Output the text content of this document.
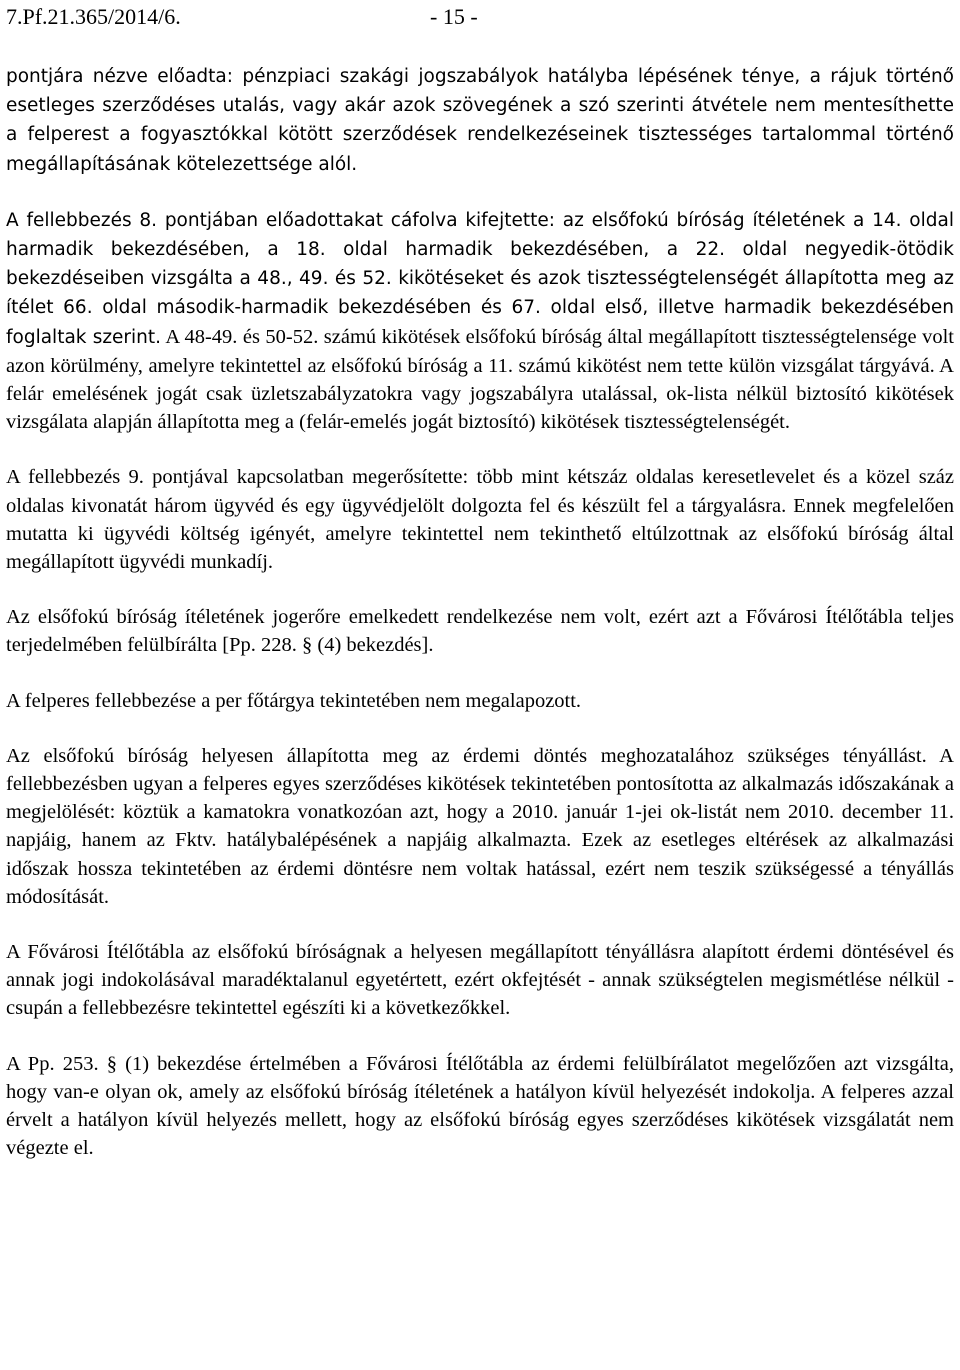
7.Pf.21.365/2014/6.	- 15 -

pontjára nézve előadta: pénzpiaci szakági jogszabályok hatályba lépésének ténye, a rájuk történő esetleges szerződéses utalás, vagy akár azok szövegének a szó szerinti átvétele nem mentesíthette a felperest a fogyasztókkal kötött szerződések rendelkezéseinek tisztességes tartalommal történő megállapításának kötelezettsége alól.

A fellebbezés 8. pontjában előadottakat cáfolva kifejtette: az elsőfokú bíróság ítéletének a 14. oldal harmadik bekezdésében, a 18. oldal harmadik bekezdésében, a 22. oldal negyedik-ötödik bekezdéseiben vizsgálta a 48., 49. és 52. kikötéseket és azok tisztességtelenségét állapította meg az ítélet 66. oldal második-harmadik bekezdésében és 67. oldal első, illetve harmadik bekezdésében foglaltak szerint. A 48-49. és 50-52. számú kikötések elsőfokú bíróság által megállapított tisztességtelensége volt azon körülmény, amelyre tekintettel az elsőfokú bíróság a 11. számú kikötést nem tette külön vizsgálat tárgyává. A felár emelésének jogát csak üzletszabályzatokra vagy jogszabályra utalással, ok-lista nélkül biztosító kikötések vizsgálata alapján állapította meg a (felár-emelés jogát biztosító) kikötések tisztességtelenségét.

A fellebbezés 9. pontjával kapcsolatban megerősítette: több mint kétszáz oldalas keresetlevelet és a közel száz oldalas kivonatát három ügyvéd és egy ügyvédjelölt dolgozta fel és készült fel a tárgyalásra. Ennek megfelelően mutatta ki ügyvédi költség igényét, amelyre tekintettel nem tekinthető eltúlzottnak az elsőfokú bíróság által megállapított ügyvédi munkadíj.

Az elsőfokú bíróság ítéletének jogerőre emelkedett rendelkezése nem volt, ezért azt a Fővárosi Ítélőtábla teljes terjedelmében felülbírálta [Pp. 228. § (4) bekezdés].

A felperes fellebbezése a per főtárgya tekintetében nem megalapozott.

Az elsőfokú bíróság helyesen állapította meg az érdemi döntés meghozatalához szükséges tényállást. A fellebbezésben ugyan a felperes egyes szerződéses kikötések tekintetében pontosította az alkalmazás időszakának a megjelölését: köztük a kamatokra vonatkozóan azt, hogy a 2010. január 1-jei ok-listát nem 2010. december 11. napjáig, hanem az Fktv. hatálybalépésének a napjáig alkalmazta. Ezek az esetleges eltérések az alkalmazási időszak hossza tekintetében az érdemi döntésre nem voltak hatással, ezért nem teszik szükségessé a tényállás módosítását.

A Fővárosi Ítélőtábla az elsőfokú bíróságnak a helyesen megállapított tényállásra alapított érdemi döntésével és annak jogi indokolásával maradéktalanul egyetértett, ezért okfejtését - annak szükségtelen megismétlése nélkül - csupán a fellebbezésre tekintettel egészíti ki a következőkkel.

A Pp. 253. § (1) bekezdése értelmében a Fővárosi Ítélőtábla az érdemi felülbírálatot megelőzően azt vizsgálta, hogy van-e olyan ok, amely az elsőfokú bíróság ítéletének a hatályon kívül helyezését indokolja. A felperes azzal érvelt a hatályon kívül helyezés mellett, hogy az elsőfokú bíróság egyes szerződéses kikötések vizsgálatát nem végezte el.
